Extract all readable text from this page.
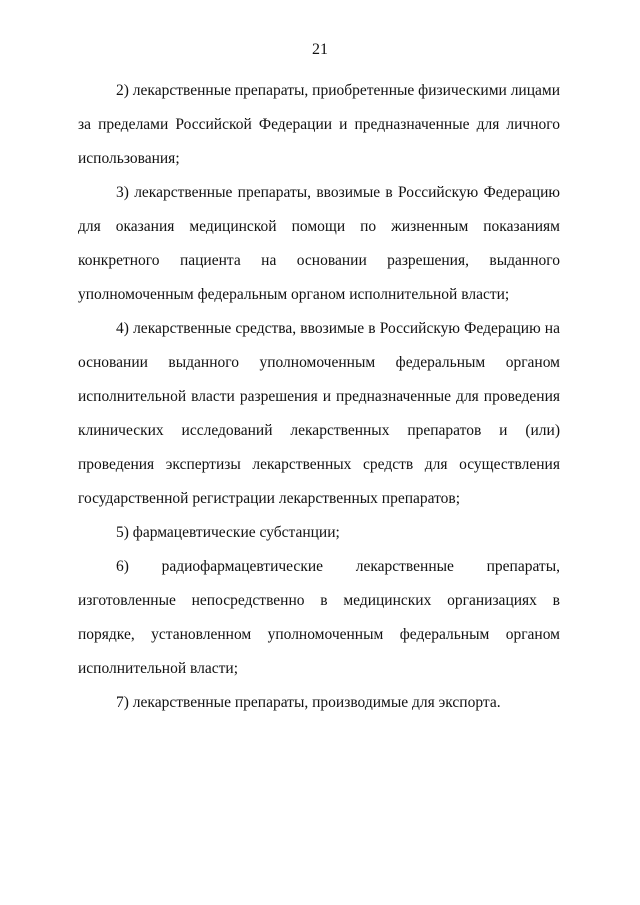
21

2) лекарственные препараты, приобретенные физическими лицами за пределами Российской Федерации и предназначенные для личного использования;

3) лекарственные препараты, ввозимые в Российскую Федерацию для оказания медицинской помощи по жизненным показаниям конкретного пациента на основании разрешения, выданного уполномоченным федеральным органом исполнительной власти;

4) лекарственные средства, ввозимые в Российскую Федерацию на основании выданного уполномоченным федеральным органом исполнительной власти разрешения и предназначенные для проведения клинических исследований лекарственных препаратов и (или) проведения экспертизы лекарственных средств для осуществления государственной регистрации лекарственных препаратов;

5) фармацевтические субстанции;

6) радиофармацевтические лекарственные препараты, изготовленные непосредственно в медицинских организациях в порядке, установленном уполномоченным федеральным органом исполнительной власти;

7) лекарственные препараты, производимые для экспорта.
